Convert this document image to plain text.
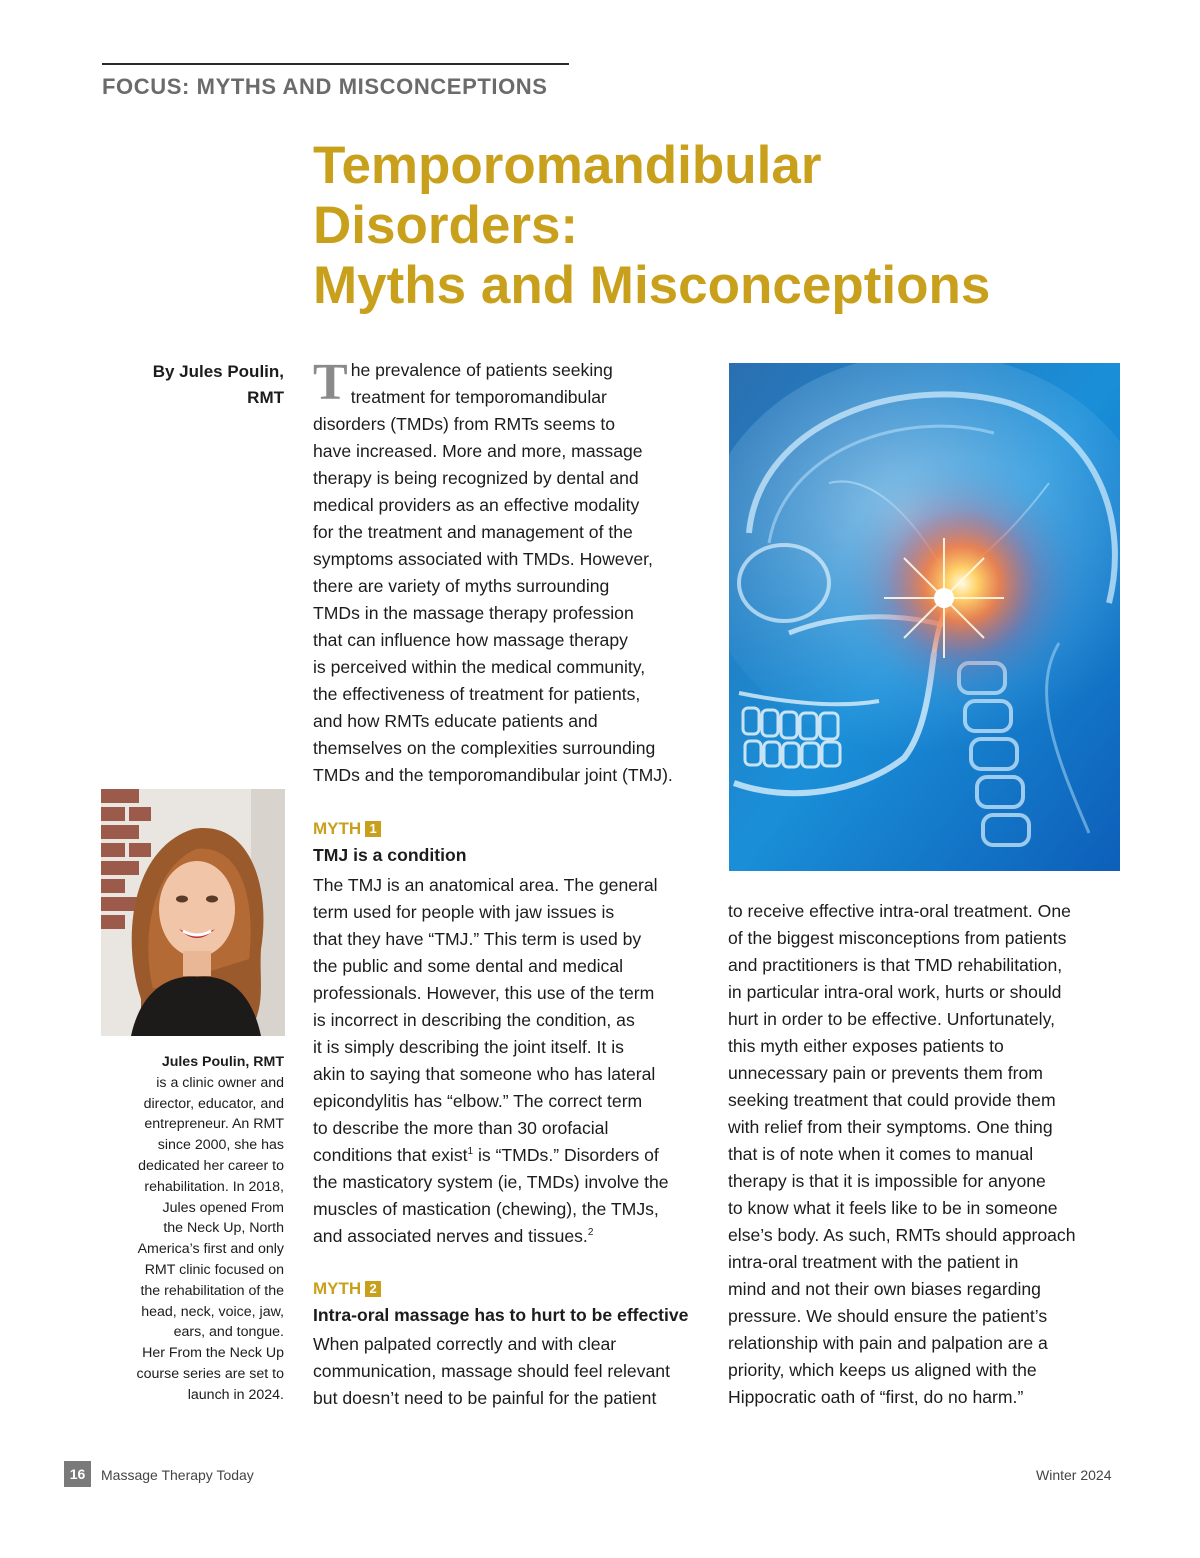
FOCUS: MYTHS AND MISCONCEPTIONS
Temporomandibular
Disorders:
Myths and Misconceptions
By Jules Poulin,
RMT T he prevalence of patients seeking
treatment for temporomandibular
disorders (TMDs) from RMTs seems to
have increased. More and more, massage
therapy is being recognized by dental and
medical providers as an effective modality
for the treatment and management of the
symptoms associated with TMDs. However,
there are variety of myths surrounding
TMDs in the massage therapy profession
that can influence how massage therapy
is perceived within the medical community,
the effectiveness of treatment for patients,
and how RMTs educate patients and
themselves on the complexities surrounding
TMDs and the temporomandibular joint (TMJ).
MYTH 1
TMJ is a condition
The TMJ is an anatomical area. The general
term used for people with jaw issues is
that they have “TMJ.” This term is used by
the public and some dental and medical
professionals. However, this use of the term
is incorrect in describing the condition, as
it is simply describing the joint itself. It is
akin to saying that someone who has lateral
epicondylitis has “elbow.” The correct term
to describe the more than 30 orofacial
conditions that exist$^1$ is “TMDs.” Disorders of
the masticatory system (ie, TMDs) involve the
muscles of mastication (chewing), the TMJs,
and associated nerves and tissues.$^2$
MYTH 2
Intra-oral massage has to hurt to be effective
When palpated correctly and with clear
communication, massage should feel relevant
but doesn’t need to be painful for the patient
to receive effective intra-oral treatment. One
of the biggest misconceptions from patients
and practitioners is that TMD rehabilitation,
in particular intra-oral work, hurts or should
hurt in order to be effective. Unfortunately,
this myth either exposes patients to
unnecessary pain or prevents them from
seeking treatment that could provide them
with relief from their symptoms. One thing
that is of note when it comes to manual
therapy is that it is impossible for anyone
to know what it feels like to be in someone
else’s body. As such, RMTs should approach
intra-oral treatment with the patient in
mind and not their own biases regarding
pressure. We should ensure the patient’s
relationship with pain and palpation are a
priority, which keeps us aligned with the
Hippocratic oath of “first, do no harm.”
Jules Poulin, RMT
is a clinic owner and
director, educator, and
entrepreneur. An RMT
since 2000, she has
dedicated her career to
rehabilitation. In 2018,
Jules opened From
the Neck Up, North
America’s first and only
RMT clinic focused on
the rehabilitation of the
head, neck, voice, jaw,
ears, and tongue.
Her From the Neck Up
course series are set to
launch in 2024.
16	Massage Therapy Today	Winter 2024
